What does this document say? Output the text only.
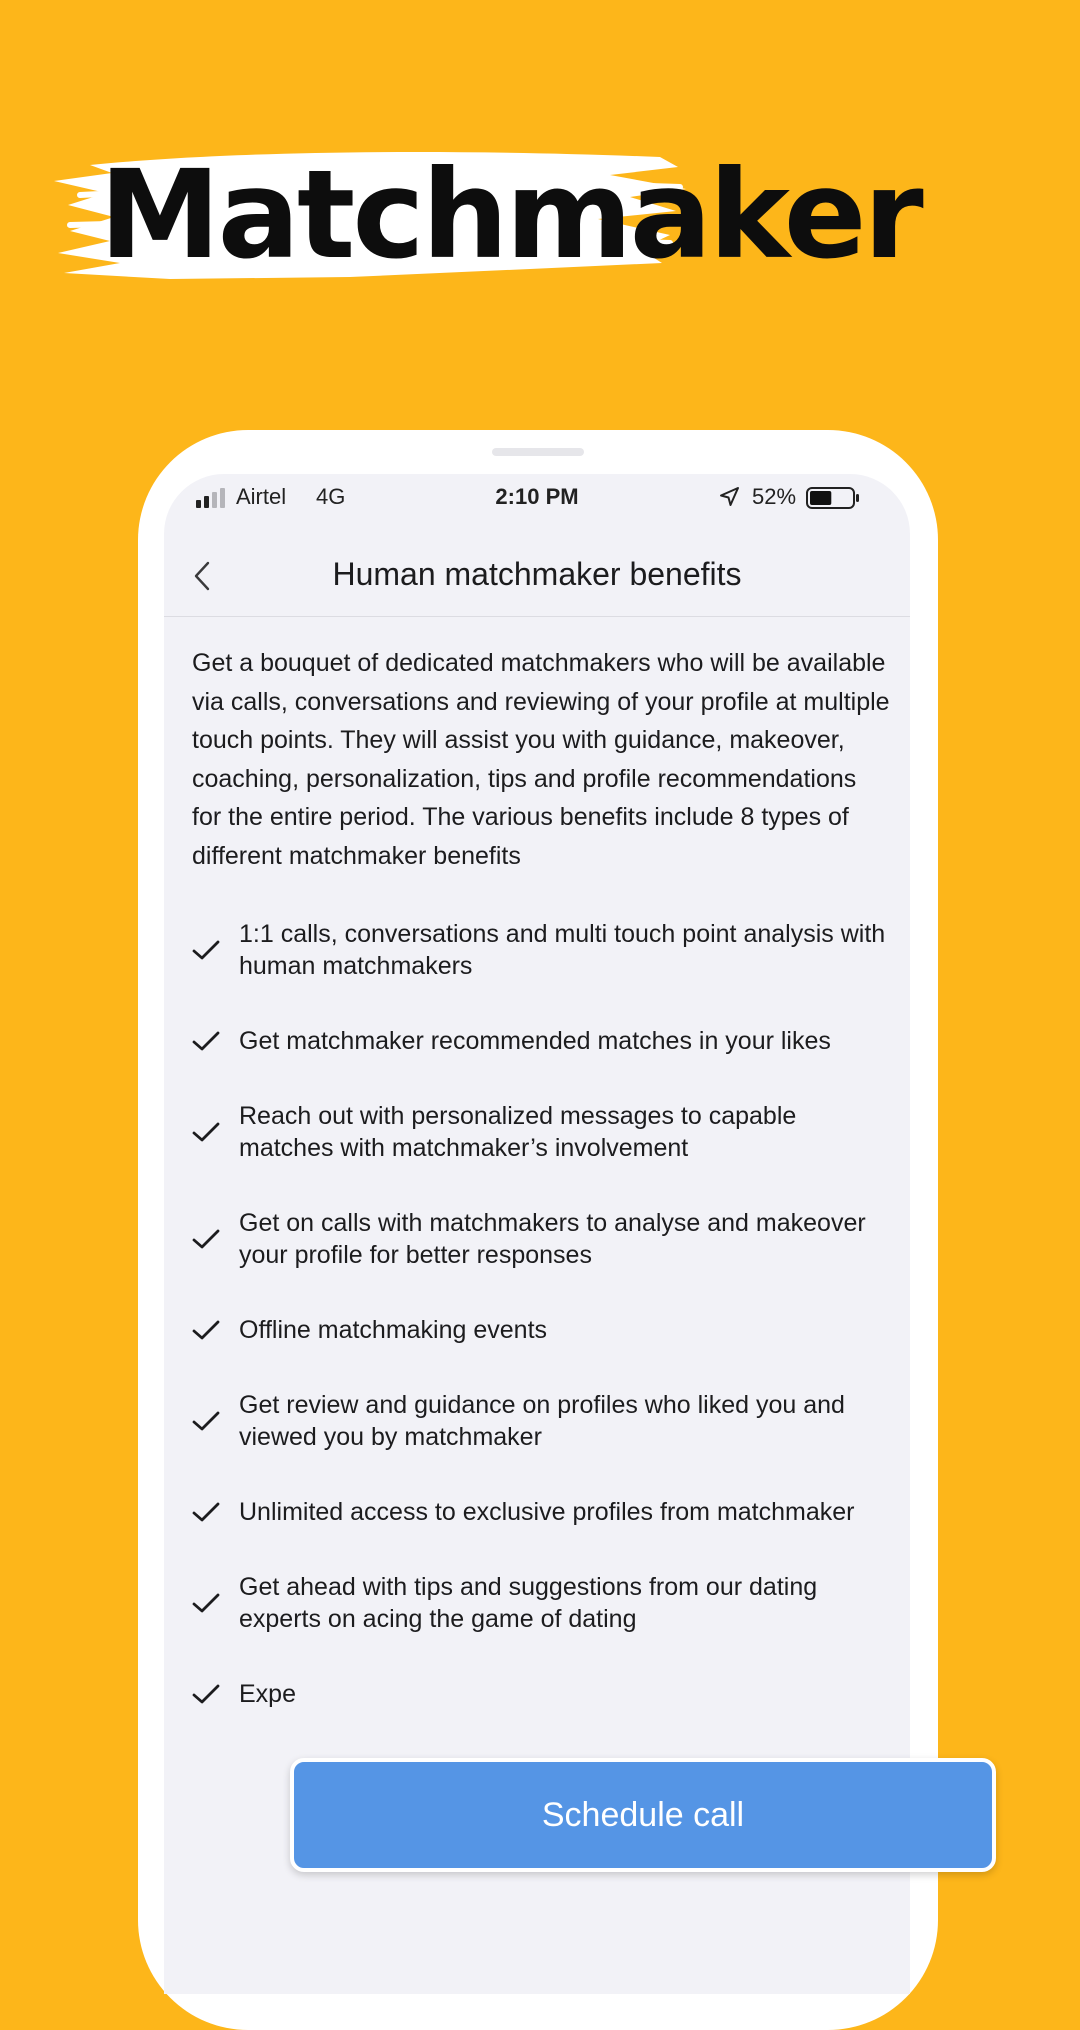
Matchmaker
Airtel 4G	2:10 PM	52%
Human matchmaker benefits

Get a bouquet of dedicated matchmakers who will be available via calls, conversations and reviewing of your profile at multiple touch points. They will assist you with guidance, makeover, coaching, personalization, tips and profile recommendations for the entire period. The various benefits include 8 types of different matchmaker benefits

1:1 calls, conversations and multi touch point analysis with human matchmakers
Get matchmaker recommended matches in your likes
Reach out with personalized messages to capable matches with matchmaker’s involvement
Get on calls with matchmakers to analyse and makeover your profile for better responses
Offline matchmaking events
Get review and guidance on profiles who liked you and viewed you by matchmaker
Unlimited access to exclusive profiles from matchmaker
Get ahead with tips and suggestions from our dating experts on acing the game of dating
Expe
Schedule call
